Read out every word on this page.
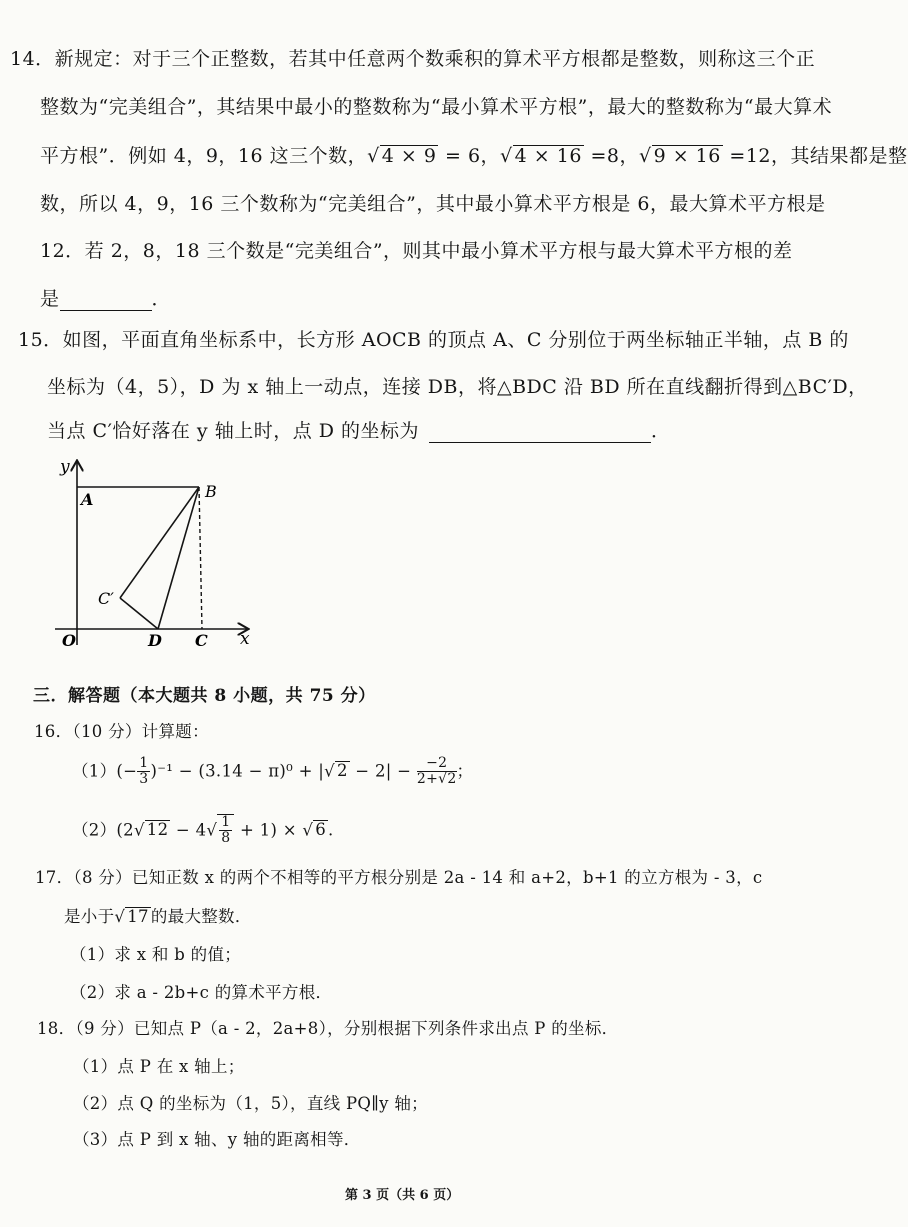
14．新规定：对于三个正整数，若其中任意两个数乘积的算术平方根都是整数，则称这三个正
整数为“完美组合”，其结果中最小的整数称为“最小算术平方根”，最大的整数称为“最大算术
平方根”．例如 4，9，16 这三个数，√ 4 × 9 = 6，√ 4 × 16 =8，√ 9 × 16 =12，其结果都是整
数，所以 4，9，16 三个数称为“完美组合”，其中最小算术平方根是 6，最大算术平方根是
12．若 2，8，18 三个数是“完美组合”，则其中最小算术平方根与最大算术平方根的差
是	．
15．如图，平面直角坐标系中，长方形 AOCB 的顶点 A、C 分别位于两坐标轴正半轴，点 B 的
坐标为（4，5），D 为 x 轴上一动点，连接 DB，将△BDC 沿 BD 所在直线翻折得到△BC′D，
当点 C′恰好落在 y 轴上时，点 D 的坐标为	．
y
x
A	B
C′
O	D C
三．解答题（本大题共 8 小题，共 75 分）
16．（10 分）计算题：
$(1)(- \frac{1}{3} )^{-1} - (3.14 - \pi)^0$ + |√ $2 - 2| - \frac{-2}{2+√2}$ ；
（2）(2√ $12 - 4√ \frac{1}{8} + 1$) × √ 6 .
17．（8 分）已知正数 x 的两个不相等的平方根分别是 2a - 14 和 a+2，b+1 的立方根为 - 3，c
是小于√ 17 的最大整数．
（1）求 x 和 b 的值；
（2）求 a - 2b+c 的算术平方根．
18．（9 分）已知点 P（a - 2，2a+8），分别根据下列条件求出点 P 的坐标．
（1）点 P 在 x 轴上；
（2）点 Q 的坐标为（1，5），直线 PQ∥y 轴；
（3）点 P 到 x 轴、y 轴的距离相等．
第 3 页（共 6 页）
